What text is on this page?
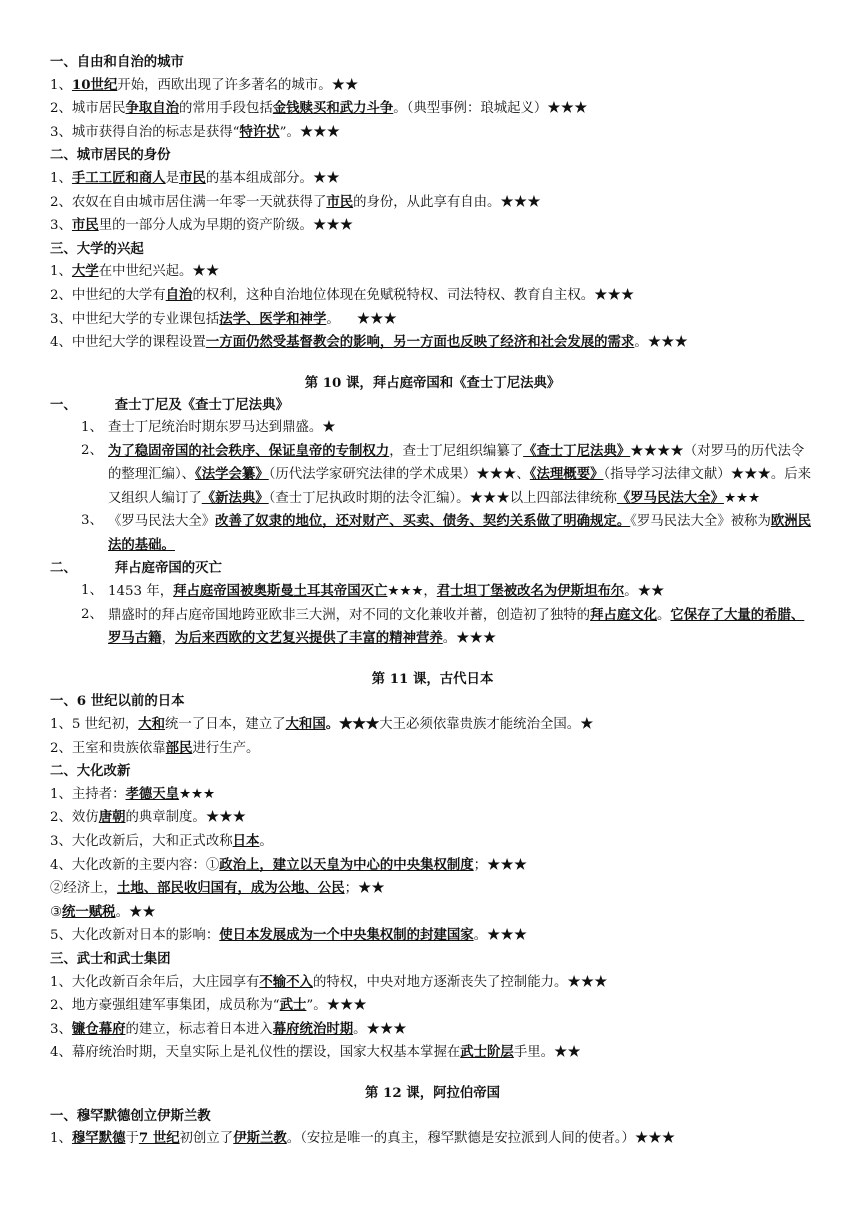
一、自由和自治的城市
1、10世纪开始，西欧出现了许多著名的城市。★★
2、城市居民争取自治的常用手段包括金钱赎买和武力斗争。（典型事例：琅城起义）★★★
3、城市获得自治的标志是获得“特许状”。★★★
二、城市居民的身份
1、手工工匠和商人是市民的基本组成部分。★★
2、农奴在自由城市居住满一年零一天就获得了市民的身份，从此享有自由。★★★
3、市民里的一部分人成为早期的资产阶级。★★★
三、大学的兴起
1、大学在中世纪兴起。★★
2、中世纪的大学有自治的权利，这种自治地位体现在免赋税特权、司法特权、教育自主权。★★★
3、中世纪大学的专业课包括法学、医学和神学。    ★★★
4、中世纪大学的课程设置一方面仍然受基督教会的影响，另一方面也反映了经济和社会发展的需求。★★★
第 10 课，拜占庭帝国和《查士丁尼法典》
一、	查士丁尼及《查士丁尼法典》
1、 查士丁尼统治时期东罗马达到鼎盛。★
2、 为了稳固帝国的社会秩序、保证皇帝的专制权力，查士丁尼组织编纂了《查士丁尼法典》★★★★（对罗马的历代法令的整理汇编）、《法学会纂》（历代法学家研究法律的学术成果）★★★、《法理概要》（指导学习法律文献）★★★。后来又组织人编订了《新法典》（查士丁尼执政时期的法令汇编）。★★★以上四部法律统称《罗马民法大全》★★★
3、 《罗马民法大全》改善了奴隶的地位，还对财产、买卖、债务、契约关系做了明确规定。《罗马民法大全》被称为欧洲民法的基础。
二、	拜占庭帝国的灭亡
1、 1453 年，拜占庭帝国被奥斯曼土耳其帝国灭亡★★★，君士坦丁堡被改名为伊斯坦布尔。★★
2、 鼎盛时的拜占庭帝国地跨亚欧非三大洲，对不同的文化兼收并蓄，创造初了独特的拜占庭文化。它保存了大量的希腊、罗马古籍，为后来西欧的文艺复兴提供了丰富的精神营养。★★★
第 11 课，古代日本
一、6 世纪以前的日本
1、5 世纪初，大和统一了日本，建立了大和国。★★★大王必须依靠贵族才能统治全国。★
2、王室和贵族依靠部民进行生产。
二、大化改新
1、主持者：孝德天皇★★★
2、效仿唐朝的典章制度。★★★
3、大化改新后，大和正式改称日本。
4、大化改新的主要内容：①政治上，建立以天皇为中心的中央集权制度；★★★
②经济上，土地、部民收归国有，成为公地、公民；★★
③统一赋税。★★
5、大化改新对日本的影响：使日本发展成为一个中央集权制的封建国家。★★★
三、武士和武士集团
1、大化改新百余年后，大庄园享有不输不入的特权，中央对地方逐渐丧失了控制能力。★★★
2、地方豪强组建军事集团，成员称为“武士”。★★★
3、镰仓幕府的建立，标志着日本进入幕府统治时期。★★★
4、幕府统治时期，天皇实际上是礼仪性的摆设，国家大权基本掌握在武士阶层手里。★★
第 12 课，阿拉伯帝国
一、穆罕默德创立伊斯兰教
1、穆罕默德于7 世纪初创立了伊斯兰教。（安拉是唯一的真主，穆罕默德是安拉派到人间的使者。）★★★
